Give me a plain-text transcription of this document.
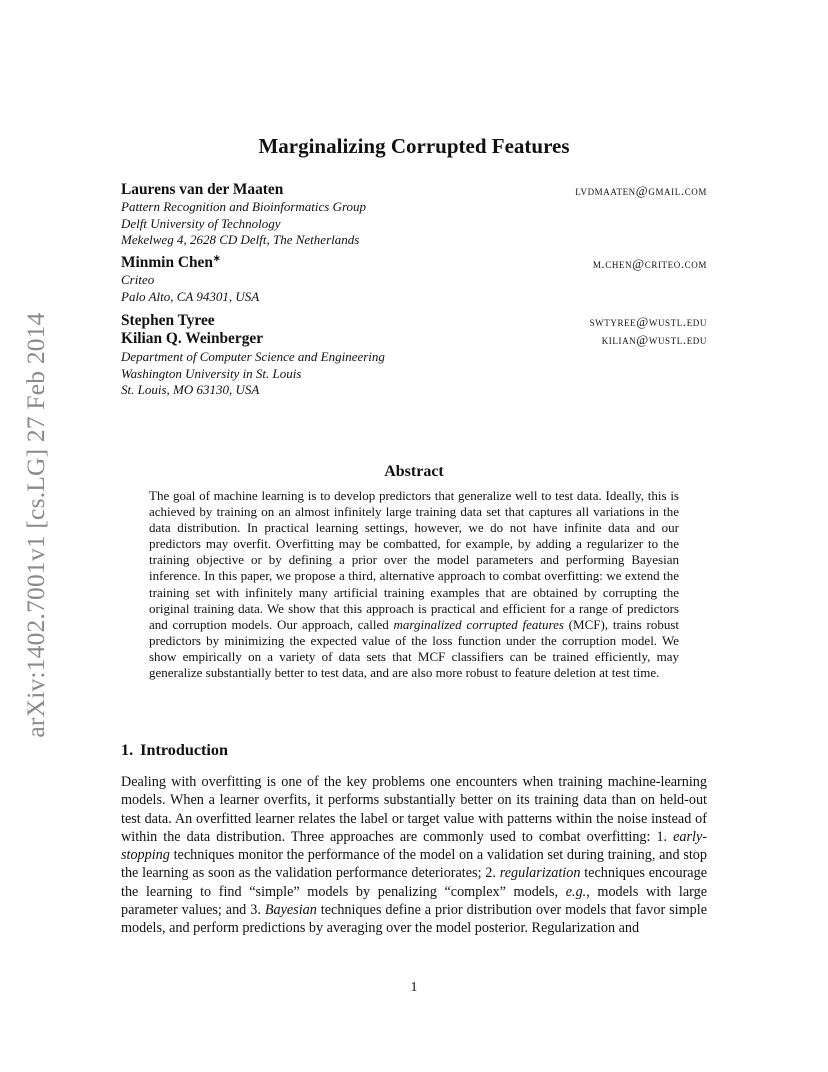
arXiv:1402.7001v1 [cs.LG] 27 Feb 2014
Marginalizing Corrupted Features
Laurens van der Maaten	lvdmaaten@gmail.com
Pattern Recognition and Bioinformatics Group
Delft University of Technology
Mekelweg 4, 2628 CD Delft, The Netherlands
Minmin Chen∗	m.chen@criteo.com
Criteo
Palo Alto, CA 94301, USA
Stephen Tyree	swtyree@wustl.edu
Kilian Q. Weinberger	kilian@wustl.edu
Department of Computer Science and Engineering
Washington University in St. Louis
St. Louis, MO 63130, USA
Abstract
The goal of machine learning is to develop predictors that generalize well to test data. Ideally, this is achieved by training on an almost infinitely large training data set that captures all variations in the data distribution. In practical learning settings, however, we do not have infinite data and our predictors may overfit. Overfitting may be combatted, for example, by adding a regularizer to the training objective or by defining a prior over the model parameters and performing Bayesian inference. In this paper, we propose a third, alternative approach to combat overfitting: we extend the training set with infinitely many artificial training examples that are obtained by corrupting the original training data. We show that this approach is practical and efficient for a range of predictors and corruption models. Our approach, called marginalized corrupted features (MCF), trains robust predictors by minimizing the expected value of the loss function under the corruption model. We show empirically on a variety of data sets that MCF classifiers can be trained efficiently, may generalize substantially better to test data, and are also more robust to feature deletion at test time.
1. Introduction
Dealing with overfitting is one of the key problems one encounters when training machine-learning models. When a learner overfits, it performs substantially better on its training data than on held-out test data. An overfitted learner relates the label or target value with patterns within the noise instead of within the data distribution. Three approaches are commonly used to combat overfitting: 1. early-stopping techniques monitor the performance of the model on a validation set during training, and stop the learning as soon as the validation performance deteriorates; 2. regularization techniques encourage the learning to find “simple” models by penalizing “complex” models, e.g., models with large parameter values; and 3. Bayesian techniques define a prior distribution over models that favor simple models, and perform predictions by averaging over the model posterior. Regularization and
1
